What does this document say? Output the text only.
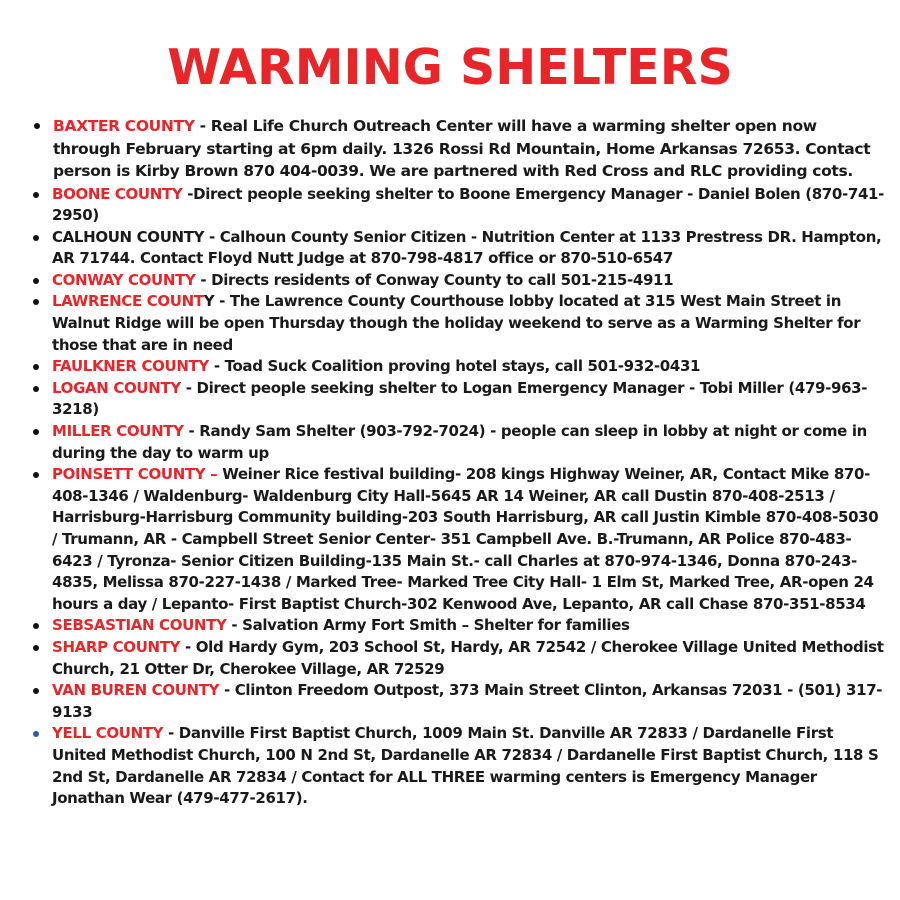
WARMING SHELTERS
BAXTER COUNTY - Real Life Church Outreach Center will have a warming shelter open now through February starting at 6pm daily. 1326 Rossi Rd Mountain, Home Arkansas 72653. Contact person is Kirby Brown 870 404-0039. We are partnered with Red Cross and RLC providing cots.
BOONE COUNTY -Direct people seeking shelter to Boone Emergency Manager - Daniel Bolen (870-741-2950)
CALHOUN COUNTY - Calhoun County Senior Citizen - Nutrition Center at 1133 Prestress DR. Hampton, AR 71744. Contact Floyd Nutt Judge at 870-798-4817 office or 870-510-6547
CONWAY COUNTY - Directs residents of Conway County to call 501-215-4911
LAWRENCE COUNTY - The Lawrence County Courthouse lobby located at 315 West Main Street in Walnut Ridge will be open Thursday though the holiday weekend to serve as a Warming Shelter for those that are in need
FAULKNER COUNTY - Toad Suck Coalition proving hotel stays, call 501-932-0431
LOGAN COUNTY - Direct people seeking shelter to Logan Emergency Manager - Tobi Miller (479-963-3218)
MILLER COUNTY - Randy Sam Shelter (903-792-7024) - people can sleep in lobby at night or come in during the day to warm up
POINSETT COUNTY – Weiner Rice festival building- 208 kings Highway Weiner, AR, Contact Mike 870-408-1346 / Waldenburg- Waldenburg City Hall-5645 AR 14 Weiner, AR call Dustin 870-408-2513 / Harrisburg-Harrisburg Community building-203 South Harrisburg, AR call Justin Kimble 870-408-5030 / Trumann, AR - Campbell Street Senior Center- 351 Campbell Ave. B.-Trumann, AR Police 870-483-6423 / Tyronza- Senior Citizen Building-135 Main St.- call Charles at 870-974-1346, Donna 870-243-4835, Melissa 870-227-1438 / Marked Tree- Marked Tree City Hall- 1 Elm St, Marked Tree, AR-open 24 hours a day / Lepanto- First Baptist Church-302 Kenwood Ave, Lepanto, AR call Chase 870-351-8534
SEBSASTIAN COUNTY - Salvation Army Fort Smith – Shelter for families
SHARP COUNTY - Old Hardy Gym, 203 School St, Hardy, AR 72542 / Cherokee Village United Methodist Church, 21 Otter Dr, Cherokee Village, AR 72529
VAN BUREN COUNTY - Clinton Freedom Outpost, 373 Main Street Clinton, Arkansas 72031 - (501) 317-9133
YELL COUNTY - Danville First Baptist Church, 1009 Main St. Danville AR 72833 / Dardanelle First United Methodist Church, 100 N 2nd St, Dardanelle AR 72834 / Dardanelle First Baptist Church, 118 S 2nd St, Dardanelle AR 72834 / Contact for ALL THREE warming centers is Emergency Manager Jonathan Wear (479-477-2617).
